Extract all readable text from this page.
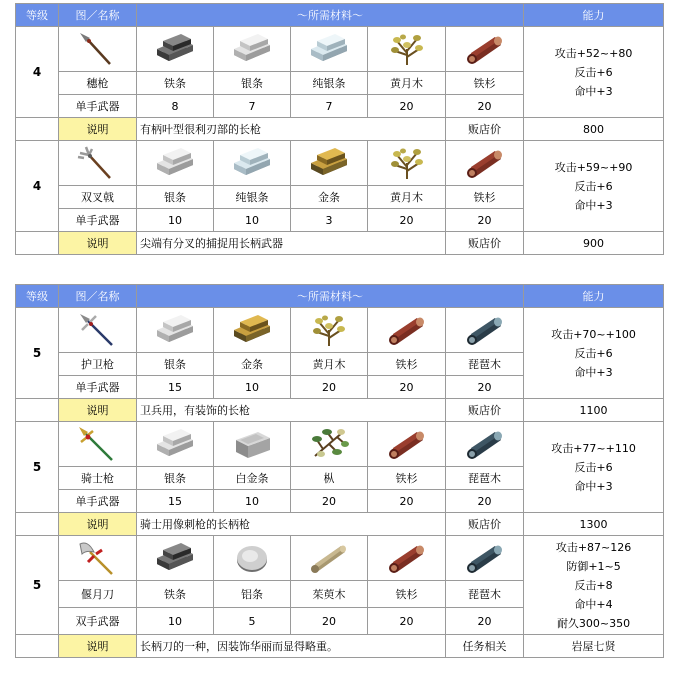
等级	图／名称	～所需材料～					能力
4							攻击+52~+80
反击+6
命中+3

	穗枪	铁条	银条	纯银条	黄月木	铁杉	
	单手武器	8	7	7	20	20	
	说明	有柄叶型很利刃部的长枪				贩店价	800
4							攻击+59~+90
反击+6
命中+3

	双叉戟	银条	纯银条	金条	黄月木	铁杉	
	单手武器	10	10	3	20	20	
	说明	尖端有分叉的捕捉用长柄武器				贩店价	900
等级	图／名称	～所需材料～					能力
5							攻击+70~+100
反击+6
命中+3

	护卫枪	银条	金条	黄月木	铁杉	琵琶木	
	单手武器	15	10	20	20	20	
	说明	卫兵用，有装饰的长枪				贩店价	1100
5							攻击+77~+110
反击+6
命中+3

	骑士枪	银条	白金条	枞	铁杉	琵琶木	
	单手武器	15	10	20	20	20	
	说明	骑士用像刺枪的长柄枪				贩店价	1300
5							攻击+87~126
防御+1~5
反击+8
命中+4
耐久300~350

	偃月刀	铁条	铝条	茱萸木	铁杉	琵琶木	
	双手武器	10	5	20	20	20	
	说明	长柄刀的一种，因装饰华丽而显得略重。				任务相关	岩屋七贤
